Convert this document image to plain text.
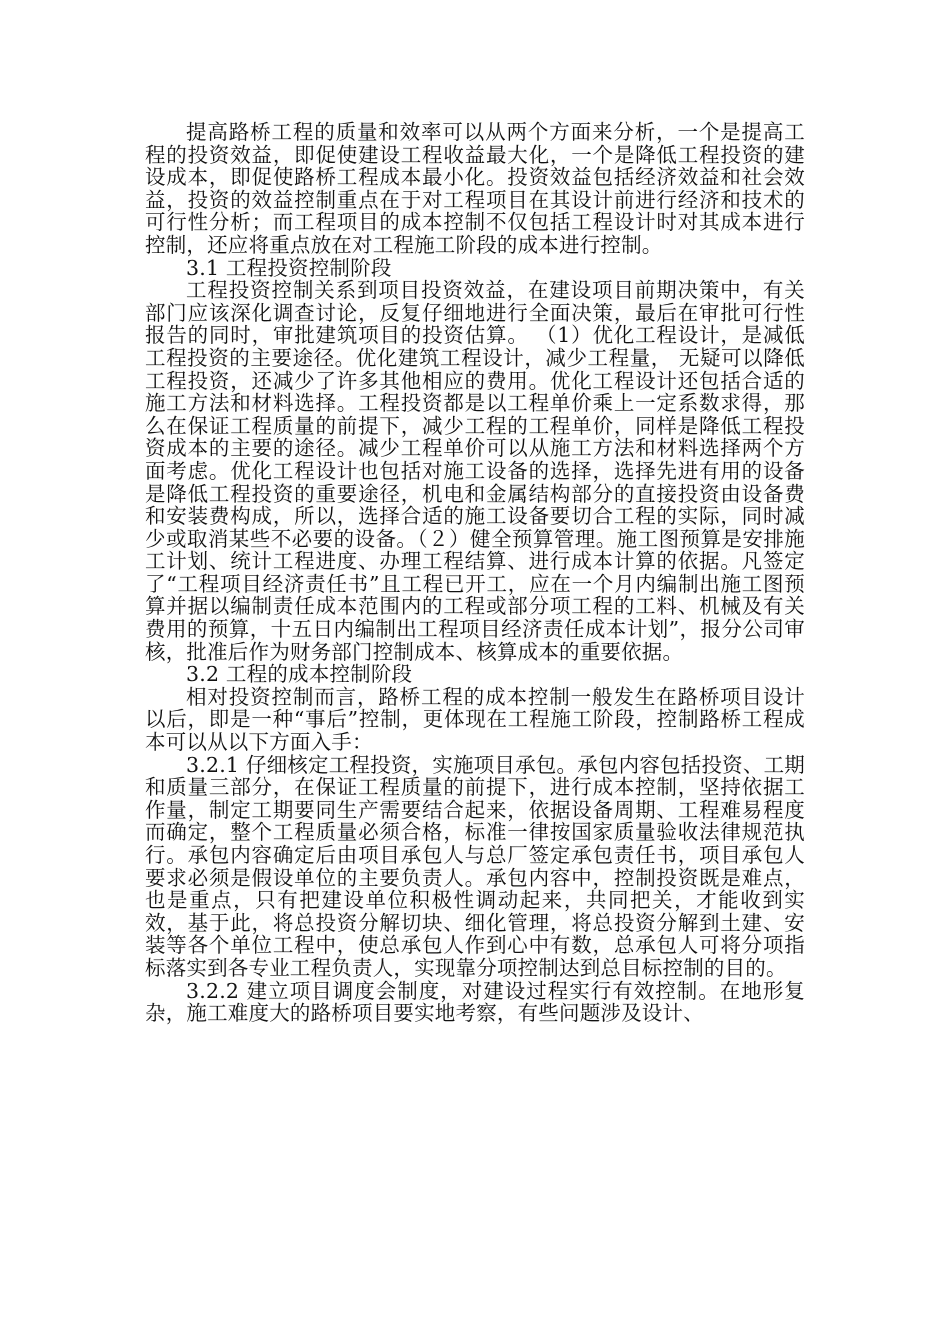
提高路桥工程的质量和效率可以从两个方面来分析，一个是提高工程的投资效益，即促使建设工程收益最大化，一个是降低工程投资的建设成本，即促使路桥工程成本最小化。投资效益包括经济效益和社会效益，投资的效益控制重点在于对工程项目在其设计前进行经济和技术的可行性分析；而工程项目的成本控制不仅包括工程设计时对其成本进行控制，还应将重点放在对工程施工阶段的成本进行控制。

3.1 工程投资控制阶段

工程投资控制关系到项目投资效益，在建设项目前期决策中，有关部门应该深化调查讨论，反复仔细地进行全面决策，最后在审批可行性报告的同时，审批建筑项目的投资估算。 （1）优化工程设计，是减低工程投资的主要途径。优化建筑工程设计，减少工程量， 无疑可以降低工程投资，还减少了许多其他相应的费用。优化工程设计还包括合适的施工方法和材料选择。工程投资都是以工程单价乘上一定系数求得，那么在保证工程质量的前提下，减少工程的工程单价，同样是降低工程投资成本的主要的途径。减少工程单价可以从施工方法和材料选择两个方面考虑。优化工程设计也包括对施工设备的选择，选择先进有用的设备是降低工程投资的重要途径，机电和金属结构部分的直接投资由设备费和安装费构成，所以，选择合适的施工设备要切合工程的实际，同时减少或取消某些不必要的设备。（２）健全预算管理。施工图预算是安排施工计划、统计工程进度、办理工程结算、进行成本计算的依据。凡签定了“工程项目经济责任书”且工程已开工，应在一个月内编制出施工图预算并据以编制责任成本范围内的工程或部分项工程的工料、机械及有关费用的预算，十五日内编制出工程项目经济责任成本计划”，报分公司审核，批准后作为财务部门控制成本、核算成本的重要依据。

3.2 工程的成本控制阶段

相对投资控制而言，路桥工程的成本控制一般发生在路桥项目设计以后，即是一种“事后”控制，更体现在工程施工阶段，控制路桥工程成本可以从以下方面入手：

3.2.1 仔细核定工程投资，实施项目承包。承包内容包括投资、工期和质量三部分，在保证工程质量的前提下，进行成本控制，坚持依据工作量，制定工期要同生产需要结合起来，依据设备周期、工程难易程度而确定，整个工程质量必须合格，标准一律按国家质量验收法律规范执行。承包内容确定后由项目承包人与总厂签定承包责任书，项目承包人要求必须是假设单位的主要负责人。承包内容中，控制投资既是难点，也是重点，只有把建设单位积极性调动起来，共同把关，才能收到实效，基于此，将总投资分解切块、细化管理，将总投资分解到土建、安装等各个单位工程中，使总承包人作到心中有数，总承包人可将分项指标落实到各专业工程负责人，实现靠分项控制达到总目标控制的目的。

3.2.2 建立项目调度会制度，对建设过程实行有效控制。在地形复杂，施工难度大的路桥项目要实地考察，有些问题涉及设计、
